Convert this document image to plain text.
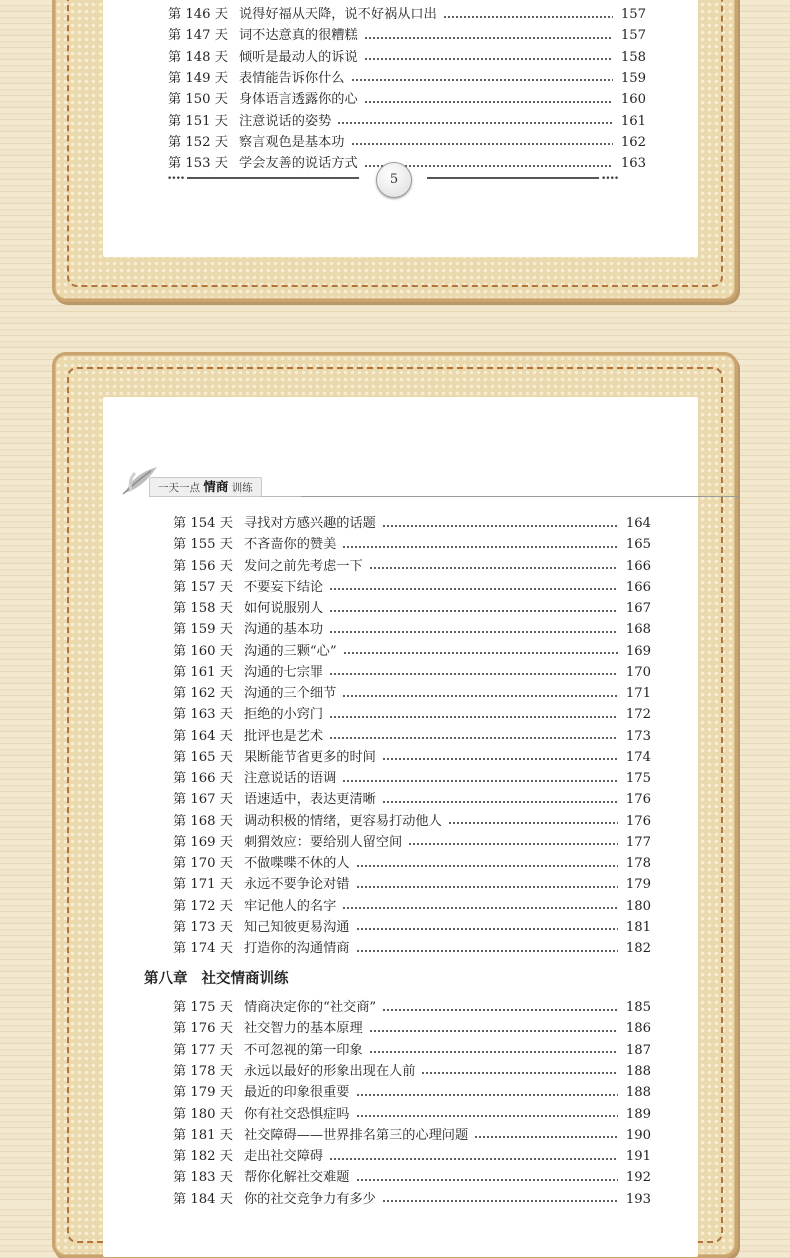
第 146 天 说得好福从天降，说不好祸从口出	157
第 147 天 词不达意真的很糟糕	157
第 148 天 倾听是最动人的诉说	158
第 149 天 表情能告诉你什么	159
第 150 天 身体语言透露你的心	160
第 151 天 注意说话的姿势	161
第 152 天 察言观色是基本功	162
第 153 天 学会友善的说话方式	163
••••	5	••••
一天一点 情商 训练
第 154 天 寻找对方感兴趣的话题	164
第 155 天 不吝啬你的赞美	165
第 156 天 发问之前先考虑一下	166
第 157 天 不要妄下结论	166
第 158 天 如何说服别人	167
第 159 天 沟通的基本功	168
第 160 天 沟通的三颗“心”	169
第 161 天 沟通的七宗罪	170
第 162 天 沟通的三个细节	171
第 163 天 拒绝的小窍门	172
第 164 天 批评也是艺术	173
第 165 天 果断能节省更多的时间	174
第 166 天 注意说话的语调	175
第 167 天 语速适中，表达更清晰	176
第 168 天 调动积极的情绪，更容易打动他人	176
第 169 天 刺猬效应：要给别人留空间	177
第 170 天 不做喋喋不休的人	178
第 171 天 永远不要争论对错	179
第 172 天 牢记他人的名字	180
第 173 天 知己知彼更易沟通	181
第 174 天 打造你的沟通情商	182
第八章 社交情商训练
第 175 天 情商决定你的“社交商”	185
第 176 天 社交智力的基本原理	186
第 177 天 不可忽视的第一印象	187
第 178 天 永远以最好的形象出现在人前	188
第 179 天 最近的印象很重要	188
第 180 天 你有社交恐惧症吗	189
第 181 天 社交障碍——世界排名第三的心理问题	190
第 182 天 走出社交障碍	191
第 183 天 帮你化解社交难题	192
第 184 天 你的社交竞争力有多少	193
